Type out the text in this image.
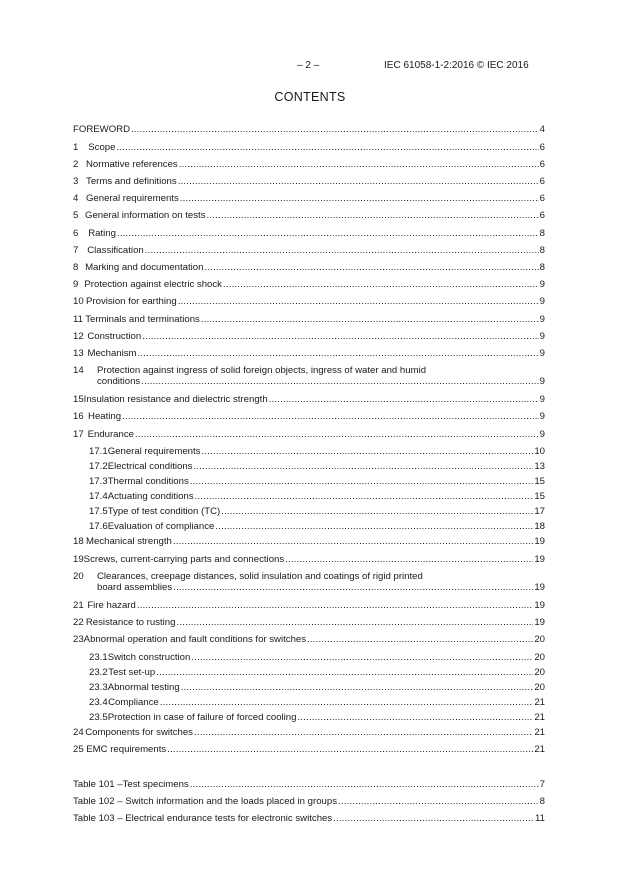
– 2 –	IEC 61058-1-2:2016 © IEC 2016
CONTENTS
FOREWORD .....	4
1	Scope .....	6
2 Normative references .....	6
3 Terms and definitions .....	6
4 General requirements .....	6
5 General information on tests .....	6
6	Rating .....	8
7 Classification .....	8
8 Marking and documentation .....	8
9 Protection against electric shock .....	9
10 Provision for earthing .....	9
11 Terminals and terminations .....	9
12 Construction .....	9
13 Mechanism .....	9
14	Protection against ingress of solid foreign objects, ingress of water and humid
conditions .....	9
15 Insulation resistance and dielectric strength .....	9
16 Heating .....	9
17 Endurance .....	9
17.1 General requirements .....	10
17.2 Electrical conditions .....	13
17.3 Thermal conditions .....	15
17.4 Actuating conditions .....	15
17.5 Type of test condition (TC) .....	17
17.6 Evaluation of compliance .....	18
18 Mechanical strength .....	19
19 Screws, current-carrying parts and connections .....	19
20	Clearances, creepage distances, solid insulation and coatings of rigid printed
board assemblies .....	19
21 Fire hazard .....	19
22 Resistance to rusting .....	19
23 Abnormal operation and fault conditions for switches .....	20
23.1 Switch construction .....	20
23.2 Test set-up .....	20
23.3 Abnormal testing .....	20
23.4 Compliance .....	21
23.5 Protection in case of failure of forced cooling .....	21
24 Components for switches .....	21
25 EMC requirements .....	21
Table 101 –Test specimens .....	7
Table 102 – Switch information and the loads placed in groups .....	8
Table 103 – Electrical endurance tests for electronic switches .....	11
